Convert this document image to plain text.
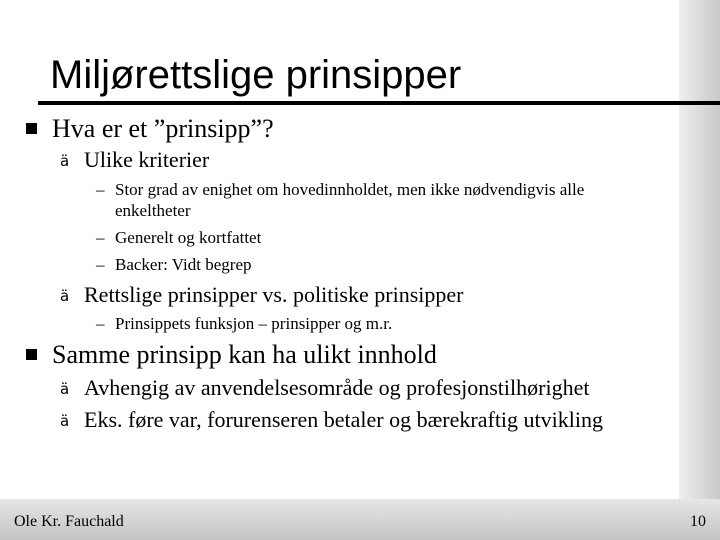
Miljørettslige prinsipper
Hva er et ”prinsipp”?
ä Ulike kriterier
– Stor grad av enighet om hovedinnholdet, men ikke nødvendigvis alle
enkeltheter
– Generelt og kortfattet
– Backer: Vidt begrep
ä Rettslige prinsipper vs. politiske prinsipper
– Prinsippets funksjon – prinsipper og m.r.
Samme prinsipp kan ha ulikt innhold
ä Avhengig av anvendelsesområde og profesjonstilhørighet
ä Eks. føre var, forurenseren betaler og bærekraftig utvikling
Ole Kr. Fauchald	10
